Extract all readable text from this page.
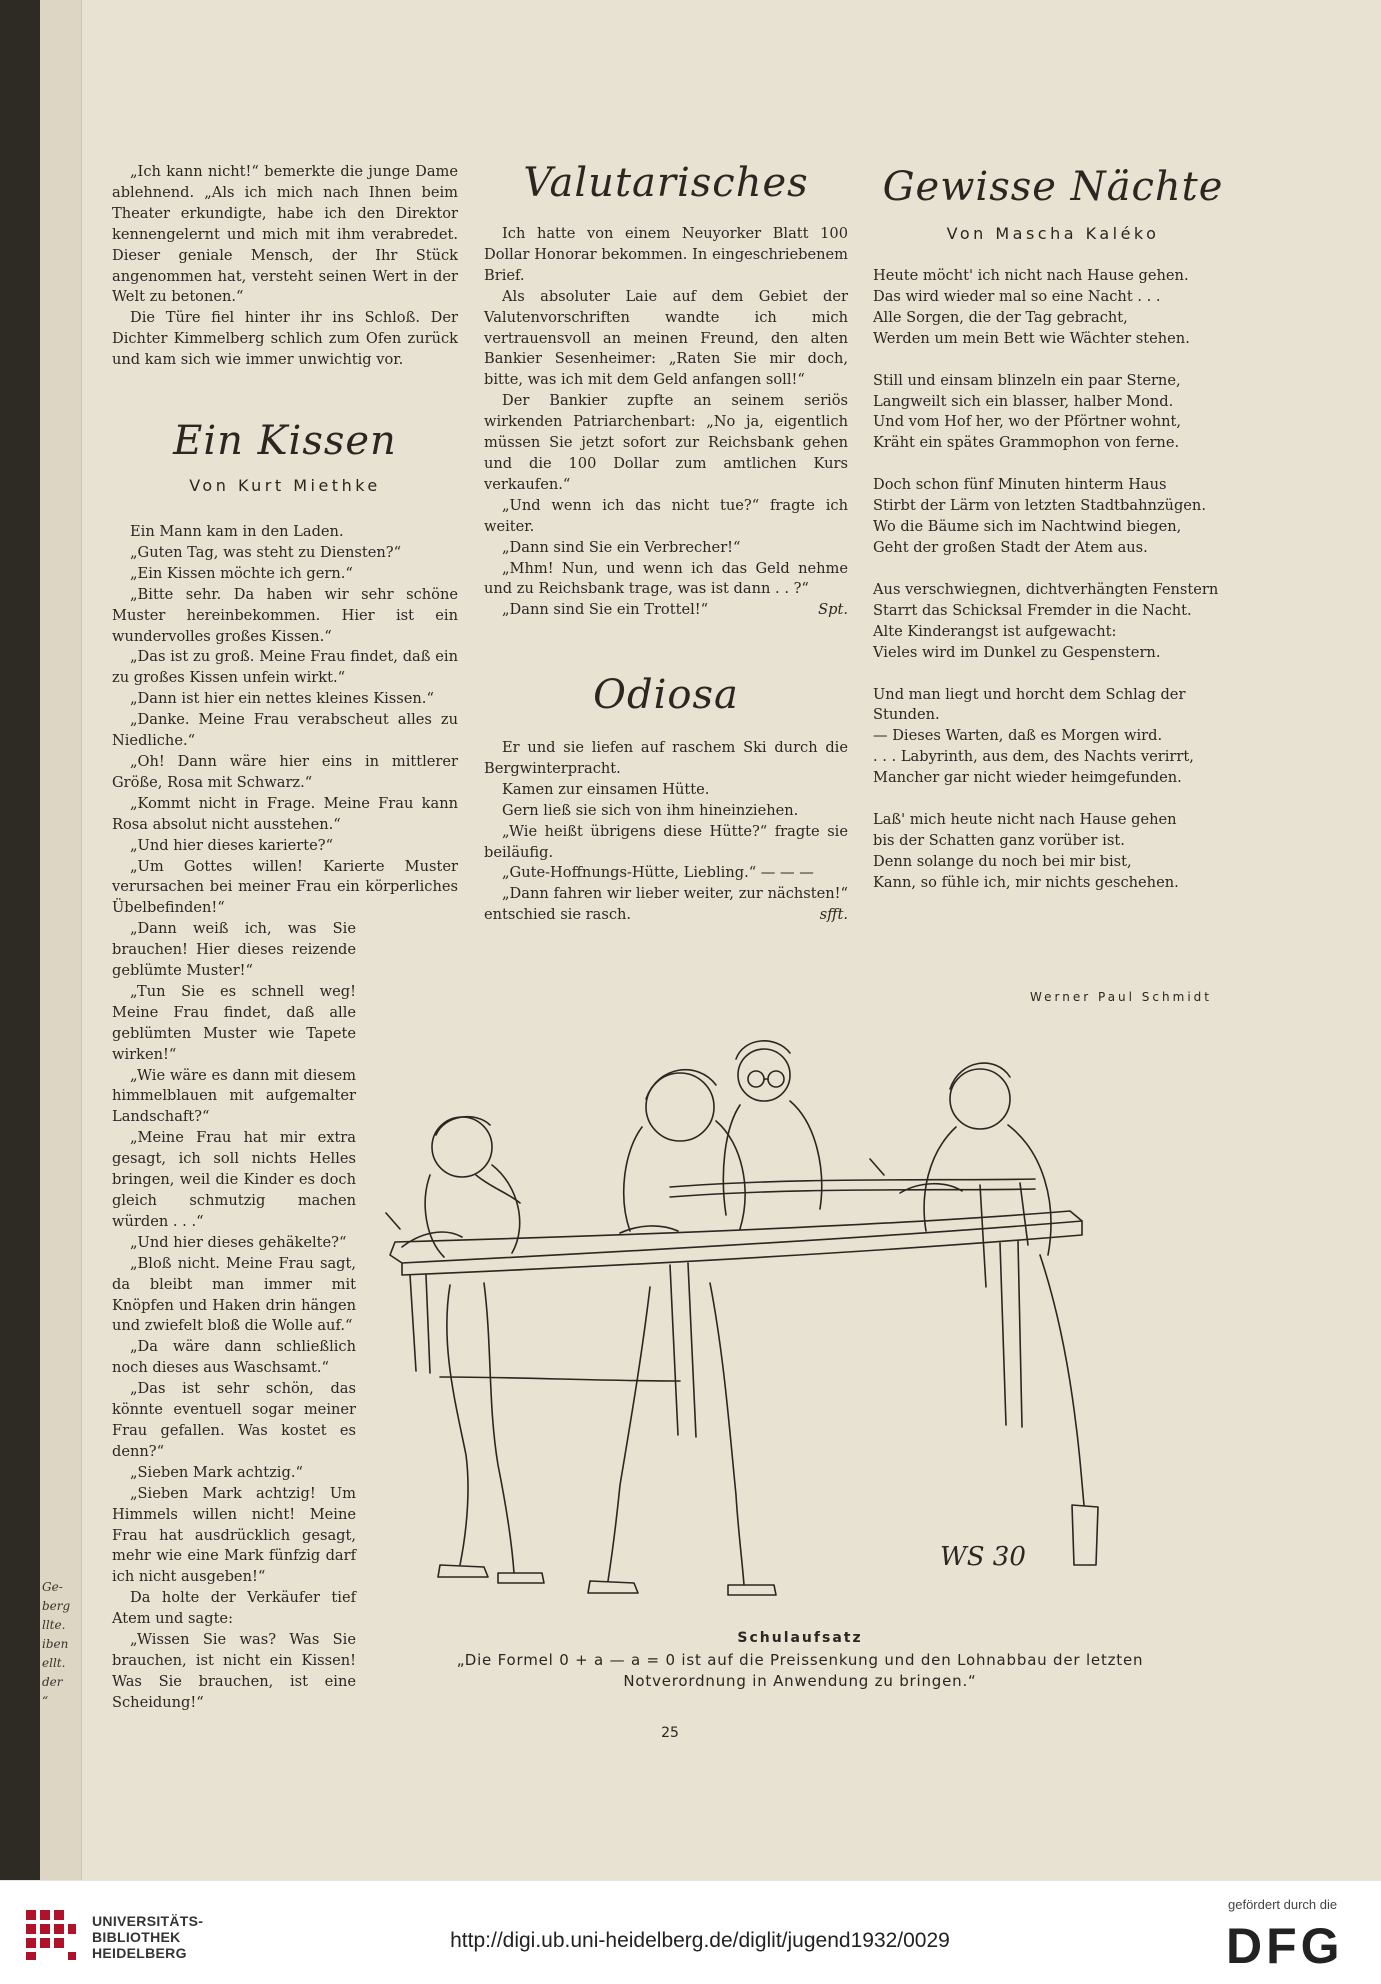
Ge-
berg
llte.
iben
ellt.
der
“

„Ich kann nicht!“ bemerkte die junge Dame ablehnend. „Als ich mich nach Ihnen beim Theater erkundigte, habe ich den Direktor kennengelernt und mich mit ihm verabredet. Dieser geniale Mensch, der Ihr Stück angenommen hat, versteht seinen Wert in der Welt zu betonen.“

Die Türe fiel hinter ihr ins Schloß. Der Dichter Kimmelberg schlich zum Ofen zurück und kam sich wie immer unwichtig vor.

Ein Kissen
Von Kurt Miethke

Ein Mann kam in den Laden.

„Guten Tag, was steht zu Diensten?“

„Ein Kissen möchte ich gern.“

„Bitte sehr. Da haben wir sehr schöne Muster hereinbekommen. Hier ist ein wundervolles großes Kissen.“

„Das ist zu groß. Meine Frau findet, daß ein zu großes Kissen unfein wirkt.“

„Dann ist hier ein nettes kleines Kissen.“

„Danke. Meine Frau verabscheut alles zu Niedliche.“

„Oh! Dann wäre hier eins in mittlerer Größe, Rosa mit Schwarz.“

„Kommt nicht in Frage. Meine Frau kann Rosa absolut nicht ausstehen.“

„Und hier dieses karierte?“

„Um Gottes willen! Karierte Muster verursachen bei meiner Frau ein körperliches Übelbefinden!“

„Dann weiß ich, was Sie brauchen! Hier dieses reizende geblümte Muster!“

„Tun Sie es schnell weg! Meine Frau findet, daß alle geblümten Muster wie Tapete wirken!“

„Wie wäre es dann mit diesem himmelblauen mit aufgemalter Landschaft?“

„Meine Frau hat mir extra gesagt, ich soll nichts Helles bringen, weil die Kinder es doch gleich schmutzig machen würden . . .“

„Und hier dieses gehäkelte?“

„Bloß nicht. Meine Frau sagt, da bleibt man immer mit Knöpfen und Haken drin hängen und zwiefelt bloß die Wolle auf.“

„Da wäre dann schließlich noch dieses aus Waschsamt.“

„Das ist sehr schön, das könnte eventuell sogar meiner Frau gefallen. Was kostet es denn?“

„Sieben Mark achtzig.“

„Sieben Mark achtzig! Um Himmels willen nicht! Meine Frau hat ausdrücklich gesagt, mehr wie eine Mark fünfzig darf ich nicht ausgeben!“

Da holte der Verkäufer tief Atem und sagte:

„Wissen Sie was? Was Sie brauchen, ist nicht ein Kissen! Was Sie brauchen, ist eine Scheidung!“

Valutarisches

Ich hatte von einem Neuyorker Blatt 100 Dollar Honorar bekommen. In eingeschriebenem Brief.

Als absoluter Laie auf dem Gebiet der Valutenvorschriften wandte ich mich vertrauensvoll an meinen Freund, den alten Bankier Sesenheimer: „Raten Sie mir doch, bitte, was ich mit dem Geld anfangen soll!“

Der Bankier zupfte an seinem seriös wirkenden Patriarchenbart: „No ja, eigentlich müssen Sie jetzt sofort zur Reichsbank gehen und die 100 Dollar zum amtlichen Kurs verkaufen.“

„Und wenn ich das nicht tue?“ fragte ich weiter.

„Dann sind Sie ein Verbrecher!“

„Mhm! Nun, und wenn ich das Geld nehme und zu Reichsbank trage, was ist dann . . ?“

„Dann sind Sie ein Trottel!“	Spt.

Odiosa

Er und sie liefen auf raschem Ski durch die Bergwinterpracht.

Kamen zur einsamen Hütte.

Gern ließ sie sich von ihm hineinziehen.

„Wie heißt übrigens diese Hütte?“ fragte sie beiläufig.

„Gute-Hoffnungs-Hütte, Liebling.“ — — —

„Dann fahren wir lieber weiter, zur nächsten!“ entschied sie rasch.	sfft.

Gewisse Nächte
Von Mascha Kaléko
Heute möcht' ich nicht nach Hause gehen.
Das wird wieder mal so eine Nacht . . .
Alle Sorgen, die der Tag gebracht,
Werden um mein Bett wie Wächter stehen.
Still und einsam blinzeln ein paar Sterne,
Langweilt sich ein blasser, halber Mond.
Und vom Hof her, wo der Pförtner wohnt,
Kräht ein spätes Grammophon von ferne.
Doch schon fünf Minuten hinterm Haus
Stirbt der Lärm von letzten Stadtbahnzügen.
Wo die Bäume sich im Nachtwind biegen,
Geht der großen Stadt der Atem aus.
Aus verschwiegnen, dichtverhängten Fenstern
Starrt das Schicksal Fremder in die Nacht.
Alte Kinderangst ist aufgewacht:
Vieles wird im Dunkel zu Gespenstern.
Und man liegt und horcht dem Schlag der Stunden.
— Dieses Warten, daß es Morgen wird.
. . . Labyrinth, aus dem, des Nachts verirrt,
Mancher gar nicht wieder heimgefunden.
Laß' mich heute nicht nach Hause gehen
bis der Schatten ganz vorüber ist.
Denn solange du noch bei mir bist,
Kann, so fühle ich, mir nichts geschehen.
Werner Paul Schmidt
WS 30
Schulaufsatz
„Die Formel 0 + a — a = 0 ist auf die Preissenkung und den Lohnabbau der letzten Notverordnung in Anwendung zu bringen.“
25
UNIVERSITÄTS-
BIBLIOTHEK
HEIDELBERG
http://digi.ub.uni-heidelberg.de/diglit/jugend1932/0029
gefördert durch die
DFG
